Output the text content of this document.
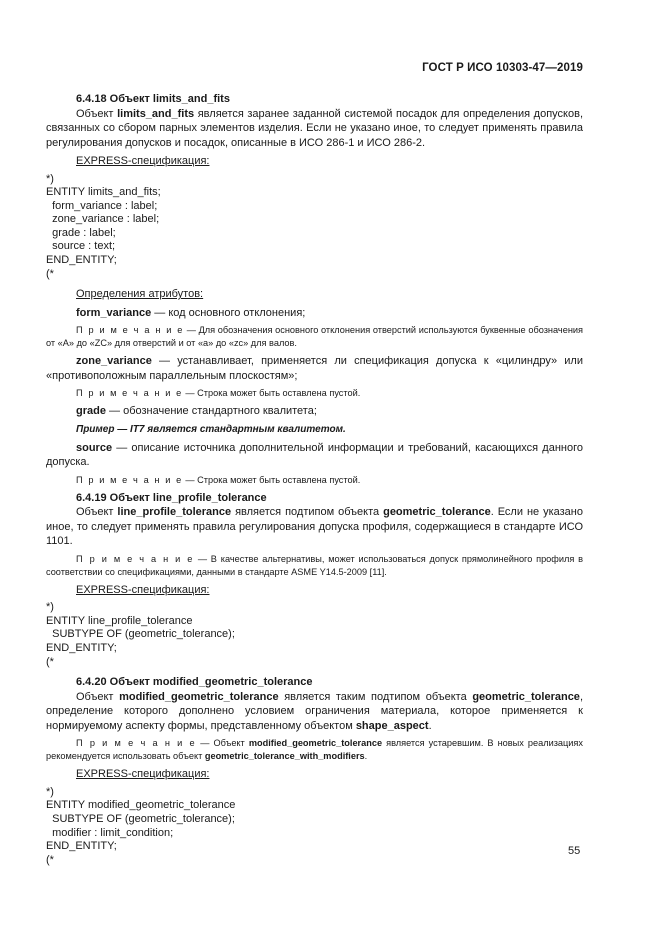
ГОСТ Р ИСО 10303-47—2019
6.4.18 Объект limits_and_fits

Объект limits_and_fits является заранее заданной системой посадок для определения допусков, связанных со сбором парных элементов изделия. Если не указано иное, то следует применять правила регулирования допусков и посадок, описанные в ИСО 286-1 и ИСО 286-2.

EXPRESS-спецификация:
*)
ENTITY limits_and_fits;
form_variance : label;
zone_variance : label;
grade : label;
source : text;
END_ENTITY;
(*
Определения атрибутов:

form_variance — код основного отклонения;

П р и м е ч а н и е — Для обозначения основного отклонения отверстий используются буквенные обозначения от «A» до «ZC» для отверстий и от «a» до «zc» для валов.

zone_variance — устанавливает, применяется ли спецификация допуска к «цилиндру» или «противоположным параллельным плоскостям»;

П р и м е ч а н и е — Строка может быть оставлена пустой.

grade — обозначение стандартного квалитета;

Пример — IT7 является стандартным квалитетом.

source — описание источника дополнительной информации и требований, касающихся данного допуска.

П р и м е ч а н и е — Строка может быть оставлена пустой.

6.4.19 Объект line_profile_tolerance

Объект line_profile_tolerance является подтипом объекта geometric_tolerance. Если не указано иное, то следует применять правила регулирования допуска профиля, содержащиеся в стандарте ИСО 1101.

П р и м е ч а н и е — В качестве альтернативы, может использоваться допуск прямолинейного профиля в соответствии со спецификациями, данными в стандарте ASME Y14.5-2009 [11].

EXPRESS-спецификация:
*)
ENTITY line_profile_tolerance
SUBTYPE OF (geometric_tolerance);
END_ENTITY;
(*
6.4.20 Объект modified_geometric_tolerance

Объект modified_geometric_tolerance является таким подтипом объекта geometric_tolerance, определение которого дополнено условием ограничения материала, которое применяется к нормируемому аспекту формы, представленному объектом shape_aspect.

П р и м е ч а н и е — Объект modified_geometric_tolerance является устаревшим. В новых реализациях рекомендуется использовать объект geometric_tolerance_with_modifiers.

EXPRESS-спецификация:
*)
ENTITY modified_geometric_tolerance
SUBTYPE OF (geometric_tolerance);
modifier : limit_condition;
END_ENTITY;
(*
55
